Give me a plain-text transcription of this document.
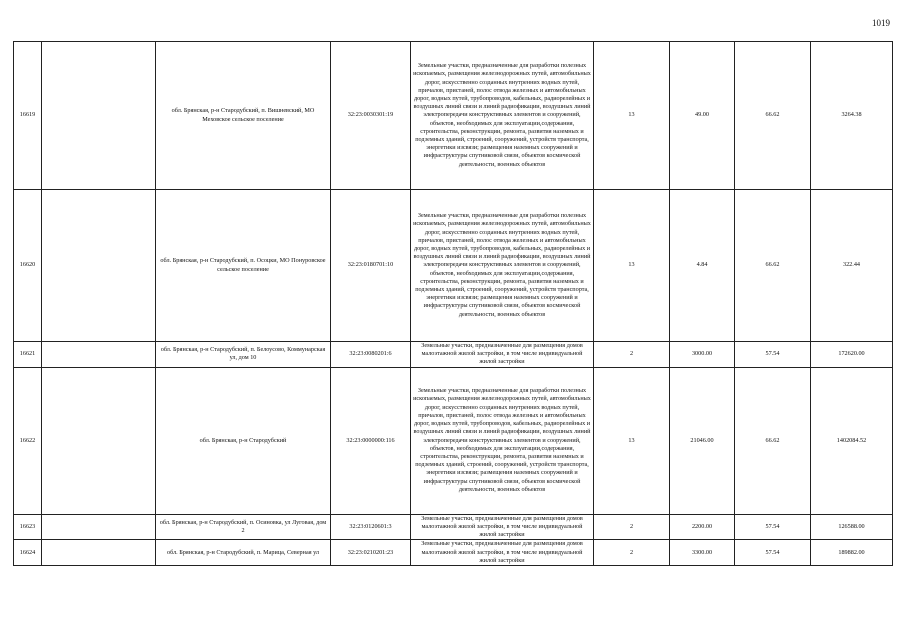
1019
16619		обл. Брянская, р-н Стародубский, п. Вишневский, МО Меховское сельское поселение	32:23:0030301:19	Земельные участки, предназначенные для разработки полезных ископаемых, размещения железнодорожных путей, автомобильных дорог, искусственно созданных внутренних водных путей, причалов, пристаней, полос отвода железных и автомобильных дорог, водных путей, трубопроводов, кабельных, радиорелейных и воздушных линий связи и линий радиофикации, воздушных линий электропередачи конструктивных элементов и сооружений, объектов, необходимых для эксплуатации,содержания, строительства, реконструкции, ремонта, развития наземных и подземных зданий, строений, сооружений, устройств транспорта, энергетики изсвязи; размещения наземных сооружений и инфраструктуры спутниковой связи, объектов космической деятельности, военных объектов	13	49.00	66.62	3264.38
16620		обл. Брянская, р-н Стародубский, п. Осоцки, МО Понуровское сельское поселение	32:23:0180701:10	Земельные участки, предназначенные для разработки полезных ископаемых, размещения железнодорожных путей, автомобильных дорог, искусственно созданных внутренних водных путей, причалов, пристаней, полос отвода железных и автомобильных дорог, водных путей, трубопроводов, кабельных, радиорелейных и воздушных линий связи и линий радиофикации, воздушных линий электропередачи конструктивных элементов и сооружений, объектов, необходимых для эксплуатации,содержания, строительства, реконструкции, ремонта, развития наземных и подземных зданий, строений, сооружений, устройств транспорта, энергетики изсвязи; размещения наземных сооружений и инфраструктуры спутниковой связи, объектов космической деятельности, военных объектов	13	4.84	66.62	322.44
16621		обл. Брянская, р-н Стародубский, п. Белоусово, Коммунарская ул, дом 10	32:23:0080201:6	Земельные участки, предназначенные для размещения домов малоэтажной жилой застройки, в том числе индивидуальной жилой застройки	2	3000.00	57.54	172620.00
16622		обл. Брянская, р-н Стародубский	32:23:0000000:116	Земельные участки, предназначенные для разработки полезных ископаемых, размещения железнодорожных путей, автомобильных дорог, искусственно созданных внутренних водных путей, причалов, пристаней, полос отвода железных и автомобильных дорог, водных путей, трубопроводов, кабельных, радиорелейных и воздушных линий связи и линий радиофикации, воздушных линий электропередачи конструктивных элементов и сооружений, объектов, необходимых для эксплуатации,содержания, строительства, реконструкции, ремонта, развития наземных и подземных зданий, строений, сооружений, устройств транспорта, энергетики изсвязи; размещения наземных сооружений и инфраструктуры спутниковой связи, объектов космической деятельности, военных объектов	13	21046.00	66.62	1402084.52
16623		обл. Брянская, р-н Стародубский, п. Осиновка, ул Луговая, дом 2	32:23:0120601:3	Земельные участки, предназначенные для размещения домов малоэтажной жилой застройки, в том числе индивидуальной жилой застройки	2	2200.00	57.54	126588.00
16624		обл. Брянская, р-н Стародубский, п. Марица, Северная ул	32:23:0210201:23	Земельные участки, предназначенные для размещения домов малоэтажной жилой застройки, в том числе индивидуальной жилой застройки	2	3300.00	57.54	189882.00
